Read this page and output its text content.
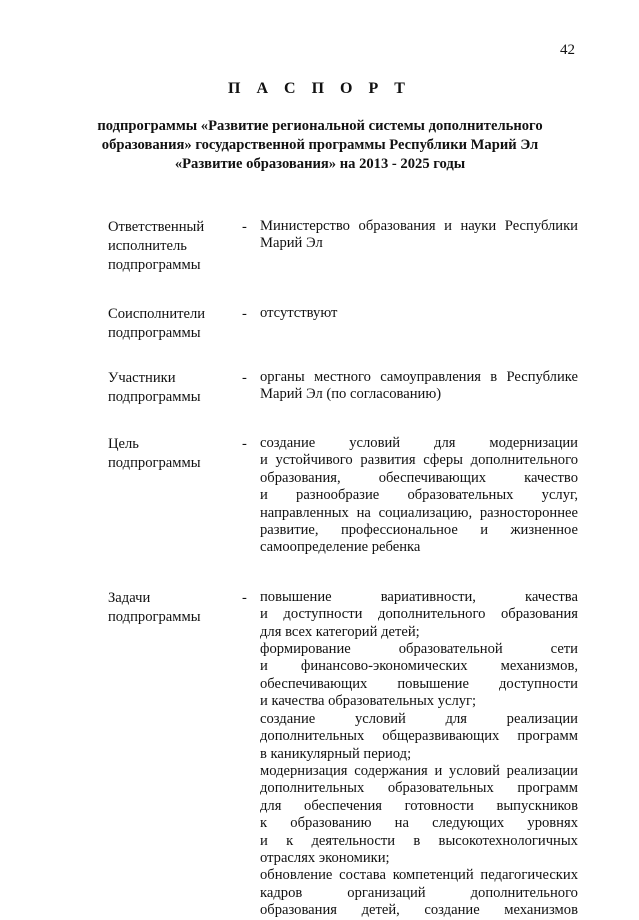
42
П А С П О Р Т
подпрограммы «Развитие региональной системы дополнительного
образования» государственной программы Республики Марий Эл
«Развитие образования» на 2013 - 2025 годы
Ответственный
исполнитель
подпрограммы
- Министерство образования и науки Республики
Марий Эл
Соисполнители
подпрограммы
- отсутствуют
Участники
подпрограммы
- органы местного самоуправления в Республике
Марий Эл (по согласованию)
Цель
подпрограммы
- создание условий для модернизации
и устойчивого развития сферы дополнительного
образования,	обеспечивающих	качество
и разнообразие образовательных услуг,
направленных на социализацию, разностороннее
развитие, профессиональное и жизненное
самоопределение ребенка
Задачи
подпрограммы
- повышение	вариативности,	качества
и доступности дополнительного образования
для всех категорий детей;
формирование	образовательной	сети
и финансово-экономических механизмов,
обеспечивающих повышение доступности
и качества образовательных услуг;
создание	условий	для	реализации
дополнительных общеразвивающих программ
в каникулярный период;
модернизация содержания и условий реализации
дополнительных образовательных программ
для обеспечения готовности выпускников
к образованию на следующих уровнях
и к деятельности в высокотехнологичных
отраслях экономики;
обновление состава компетенций педагогических
кадров	организаций	дополнительного
образования детей, создание механизмов
